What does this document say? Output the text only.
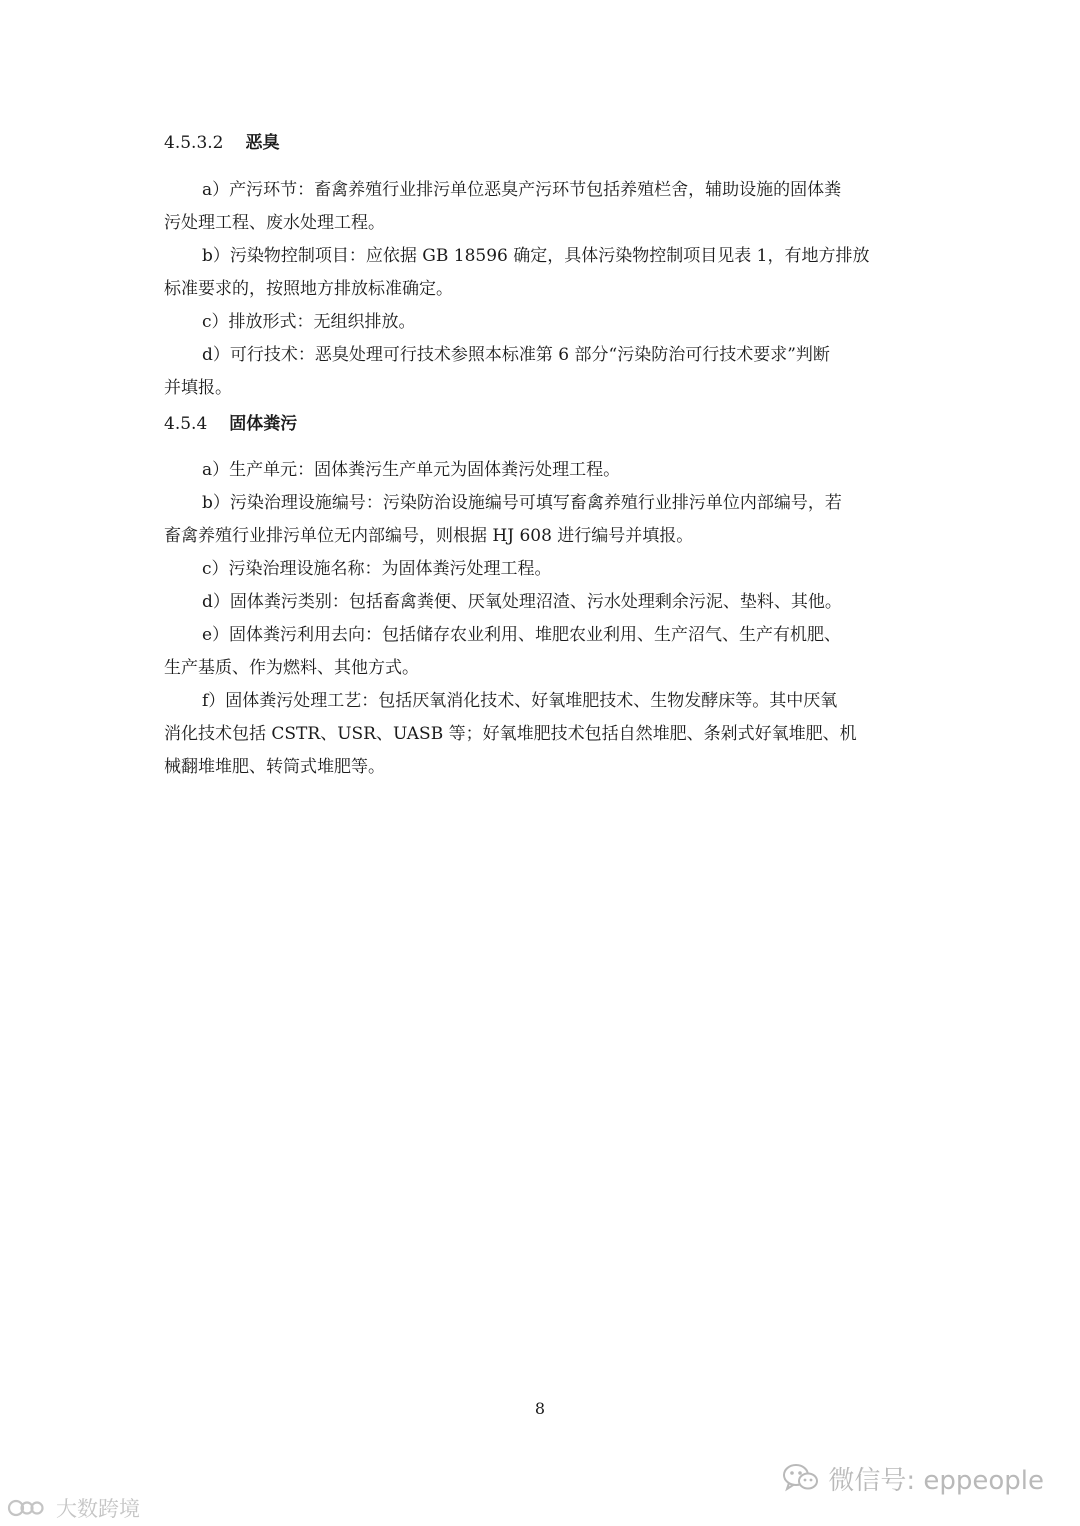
4.5.3.2 恶臭
a）产污环节：畜禽养殖行业排污单位恶臭产污环节包括养殖栏舍，辅助设施的固体粪
污处理工程、废水处理工程。
b）污染物控制项目：应依据 GB 18596 确定，具体污染物控制项目见表 1，有地方排放
标准要求的，按照地方排放标准确定。
c）排放形式：无组织排放。
d）可行技术：恶臭处理可行技术参照本标准第 6 部分“污染防治可行技术要求”判断
并填报。
4.5.4 固体粪污
a）生产单元：固体粪污生产单元为固体粪污处理工程。
b）污染治理设施编号：污染防治设施编号可填写畜禽养殖行业排污单位内部编号，若
畜禽养殖行业排污单位无内部编号，则根据 HJ 608 进行编号并填报。
c）污染治理设施名称：为固体粪污处理工程。
d）固体粪污类别：包括畜禽粪便、厌氧处理沼渣、污水处理剩余污泥、垫料、其他。
e）固体粪污利用去向：包括储存农业利用、堆肥农业利用、生产沼气、生产有机肥、
生产基质、作为燃料、其他方式。
f）固体粪污处理工艺：包括厌氧消化技术、好氧堆肥技术、生物发酵床等。其中厌氧
消化技术包括 CSTR、USR、UASB 等；好氧堆肥技术包括自然堆肥、条剁式好氧堆肥、机
械翻堆堆肥、转筒式堆肥等。
8
微信号: eppeople
大数跨境
